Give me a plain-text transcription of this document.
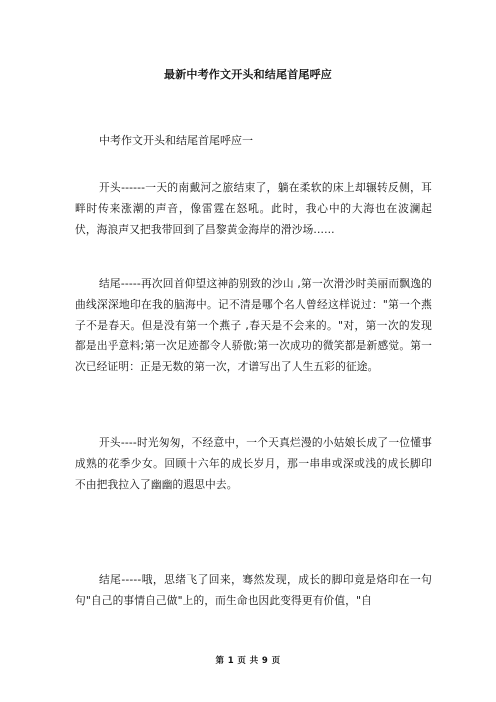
最新中考作文开头和结尾首尾呼应
中考作文开头和结尾首尾呼应一

开头------一天的南戴河之旅结束了，躺在柔软的床上却辗转反侧，耳畔时传来涨潮的声音，像雷霆在怒吼。此时，我心中的大海也在波澜起伏，海浪声又把我带回到了昌黎黄金海岸的滑沙场......

结尾-----再次回首仰望这神韵别致的沙山 ,第一次滑沙时美丽而飘逸的曲线深深地印在我的脑海中。记不清是哪个名人曾经这样说过："第一个燕子不是春天。但是没有第一个燕子 ,春天是不会来的。"对，第一次的发现都是出乎意料;第一次足迹都令人骄傲;第一次成功的微笑都是新感觉。第一次已经证明：正是无数的第一次，才谱写出了人生五彩的征途。

开头----时光匆匆，不经意中，一个天真烂漫的小姑娘长成了一位懂事成熟的花季少女。回顾十六年的成长岁月，那一串串或深或浅的成长脚印不由把我拉入了幽幽的遐思中去。

结尾-----哦，思绪飞了回来，骞然发现，成长的脚印竟是烙印在一句句"自己的事情自己做"上的，而生命也因此变得更有价值，"自

第 1 页 共 9 页
